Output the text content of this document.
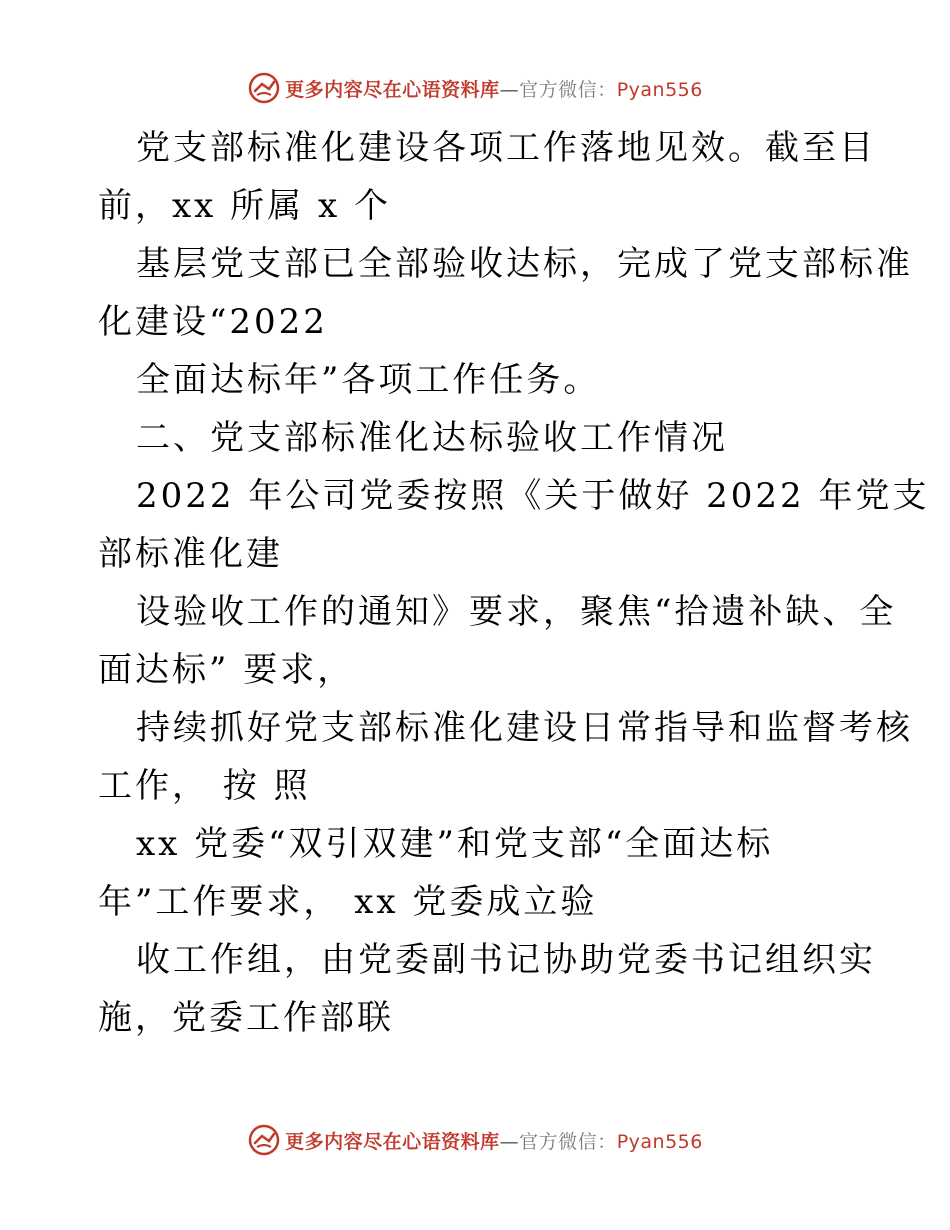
更多内容尽在心语资料库—官方微信：Pyan556
党支部标准化建设各项工作落地见效。截至目
前，xx 所属 x 个
基层党支部已全部验收达标，完成了党支部标准
化建设“2022
全面达标年”各项工作任务。
二、党支部标准化达标验收工作情况
2022 年公司党委按照《关于做好 2022 年党支
部标准化建
设验收工作的通知》要求，聚焦“拾遗补缺、全
面达标” 要求，
持续抓好党支部标准化建设日常指导和监督考核
工作， 按 照
xx 党委“双引双建”和党支部“全面达标
年”工作要求， xx 党委成立验
收工作组，由党委副书记协助党委书记组织实
施，党委工作部联
更多内容尽在心语资料库—官方微信：Pyan556
